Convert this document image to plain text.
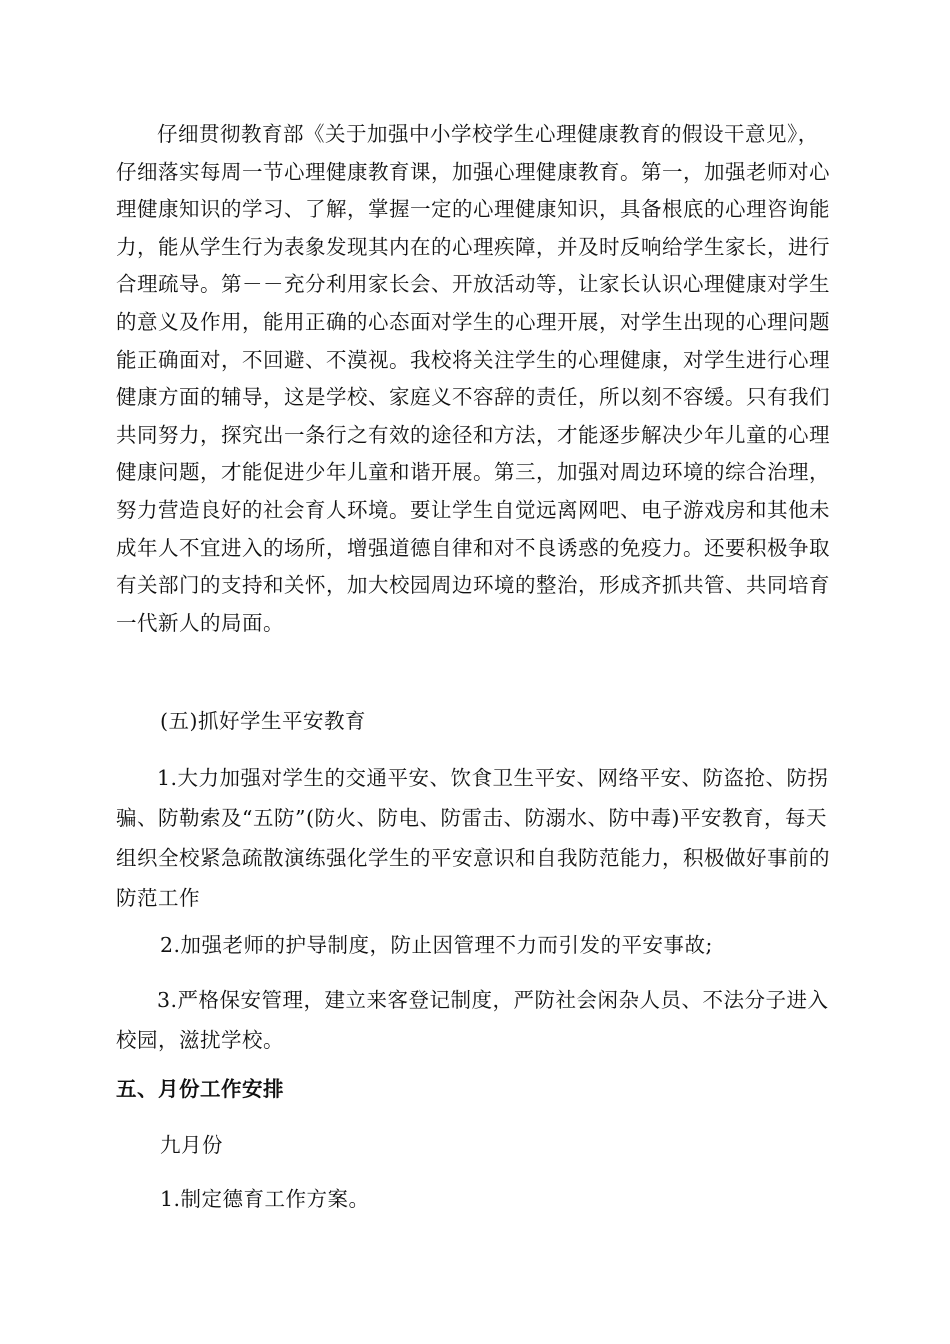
仔细贯彻教育部《关于加强中小学校学生心理健康教育的假设干意见》，仔细落实每周一节心理健康教育课，加强心理健康教育。第一，加强老师对心理健康知识的学习、了解，掌握一定的心理健康知识，具备根底的心理咨询能力，能从学生行为表象发现其内在的心理疾障，并及时反响给学生家长，进行合理疏导。第－－充分利用家长会、开放活动等，让家长认识心理健康对学生的意义及作用，能用正确的心态面对学生的心理开展，对学生出现的心理问题能正确面对，不回避、不漠视。我校将关注学生的心理健康，对学生进行心理健康方面的辅导，这是学校、家庭义不容辞的责任，所以刻不容缓。只有我们共同努力，探究出一条行之有效的途径和方法，才能逐步解决少年儿童的心理健康问题，才能促进少年儿童和谐开展。第三，加强对周边环境的综合治理，努力营造良好的社会育人环境。要让学生自觉远离网吧、电子游戏房和其他未成年人不宜进入的场所，增强道德自律和对不良诱惑的免疫力。还要积极争取有关部门的支持和关怀，加大校园周边环境的整治，形成齐抓共管、共同培育一代新人的局面。
(五)抓好学生平安教育
1.大力加强对学生的交通平安、饮食卫生平安、网络平安、防盗抢、防拐骗、防勒索及“五防”(防火、防电、防雷击、防溺水、防中毒)平安教育，每天组织全校紧急疏散演练强化学生的平安意识和自我防范能力，积极做好事前的防范工作
2.加强老师的护导制度，防止因管理不力而引发的平安事故;
3.严格保安管理，建立来客登记制度，严防社会闲杂人员、不法分子进入校园，滋扰学校。
五、月份工作安排
九月份
1.制定德育工作方案。
